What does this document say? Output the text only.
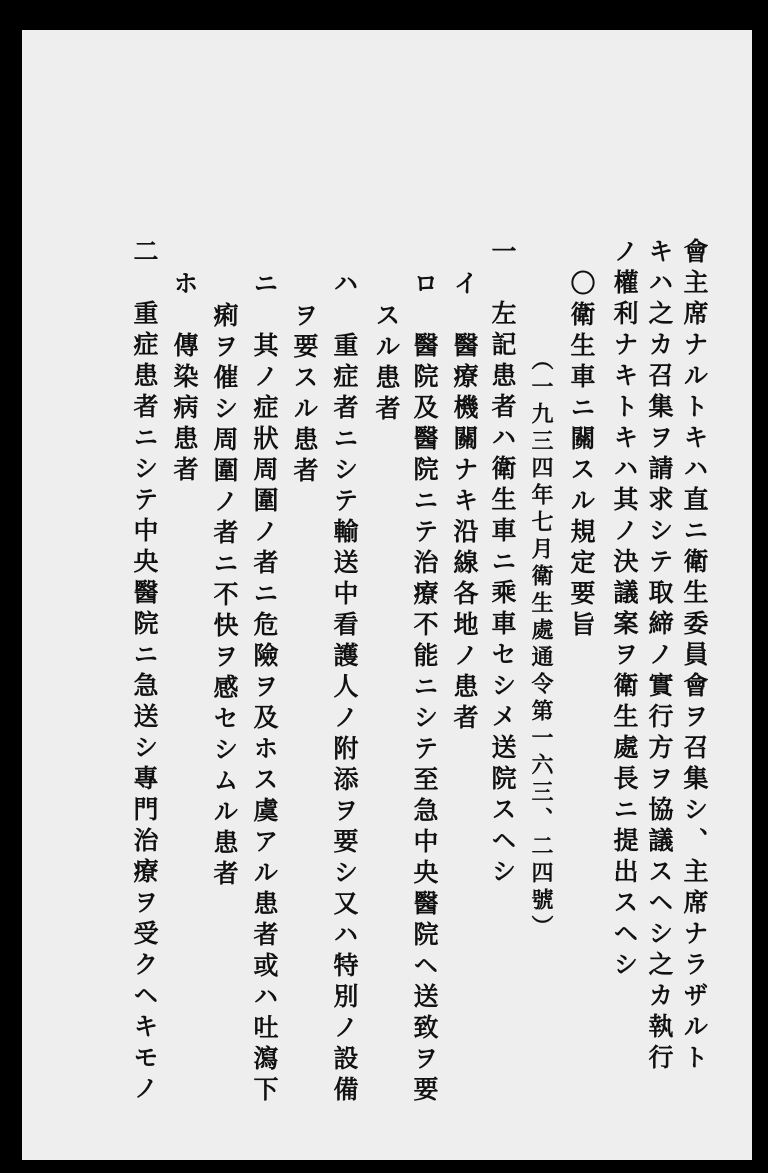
會主席ナルトキハ直ニ衛生委員會ヲ召集シ、主席ナラザルト
キハ之カ召集ヲ請求シテ取締ノ實行方ヲ協議スヘシ之カ執行
ノ權利ナキトキハ其ノ決議案ヲ衛生處長ニ提出スヘシ
〇衛生車ニ關スル規定要旨
（一九三四年七月衛生處通令第一六三、二四號）
一　左記患者ハ衛生車ニ乘車セシメ送院スヘシ
イ　醫療機關ナキ沿線各地ノ患者
ロ　醫院及醫院ニテ治療不能ニシテ至急中央醫院ヘ送致ヲ要
スル患者
ハ　重症者ニシテ輸送中看護人ノ附添ヲ要シ又ハ特別ノ設備
ヲ要スル患者
ニ　其ノ症狀周圍ノ者ニ危險ヲ及ホス虞アル患者或ハ吐瀉下
痢ヲ催シ周圍ノ者ニ不快ヲ感セシムル患者
ホ　傳染病患者
二　重症患者ニシテ中央醫院ニ急送シ專門治療ヲ受クヘキモノ
